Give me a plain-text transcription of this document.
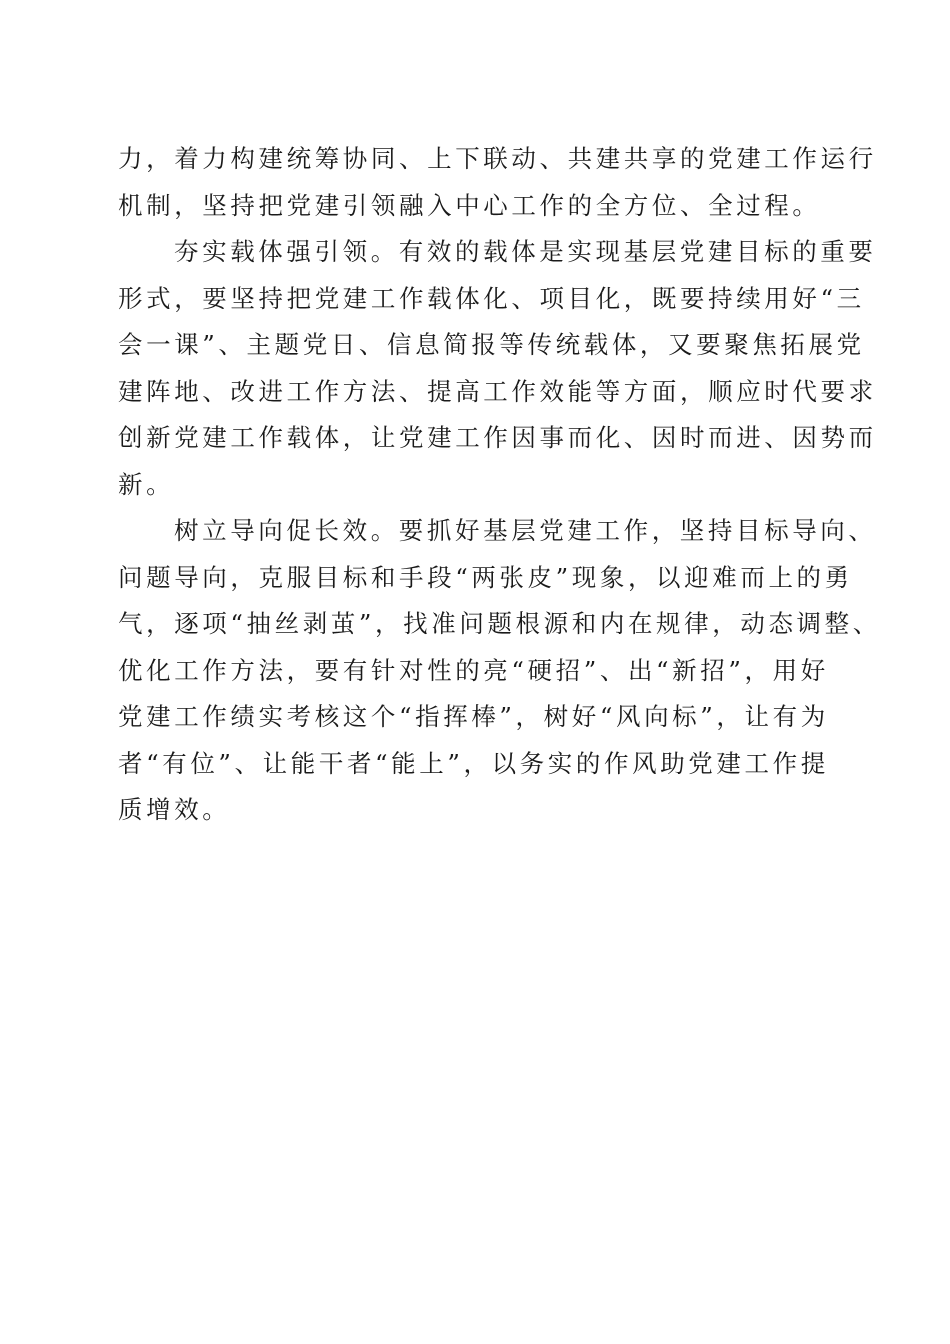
力，着力构建统筹协同、上下联动、共建共享的党建工作运行
机制，坚持把党建引领融入中心工作的全方位、全过程。
夯实载体强引领。有效的载体是实现基层党建目标的重要
形式，要坚持把党建工作载体化、项目化，既要持续用好“三
会一课”、主题党日、信息简报等传统载体，又要聚焦拓展党
建阵地、改进工作方法、提高工作效能等方面，顺应时代要求
创新党建工作载体，让党建工作因事而化、因时而进、因势而
新。
树立导向促长效。要抓好基层党建工作，坚持目标导向、
问题导向，克服目标和手段“两张皮”现象，以迎难而上的勇
气，逐项“抽丝剥茧”，找准问题根源和内在规律，动态调整、
优化工作方法，要有针对性的亮“硬招”、出“新招”，用好
党建工作绩实考核这个“指挥棒”，树好“风向标”，让有为
者“有位”、让能干者“能上”，以务实的作风助党建工作提
质增效。
